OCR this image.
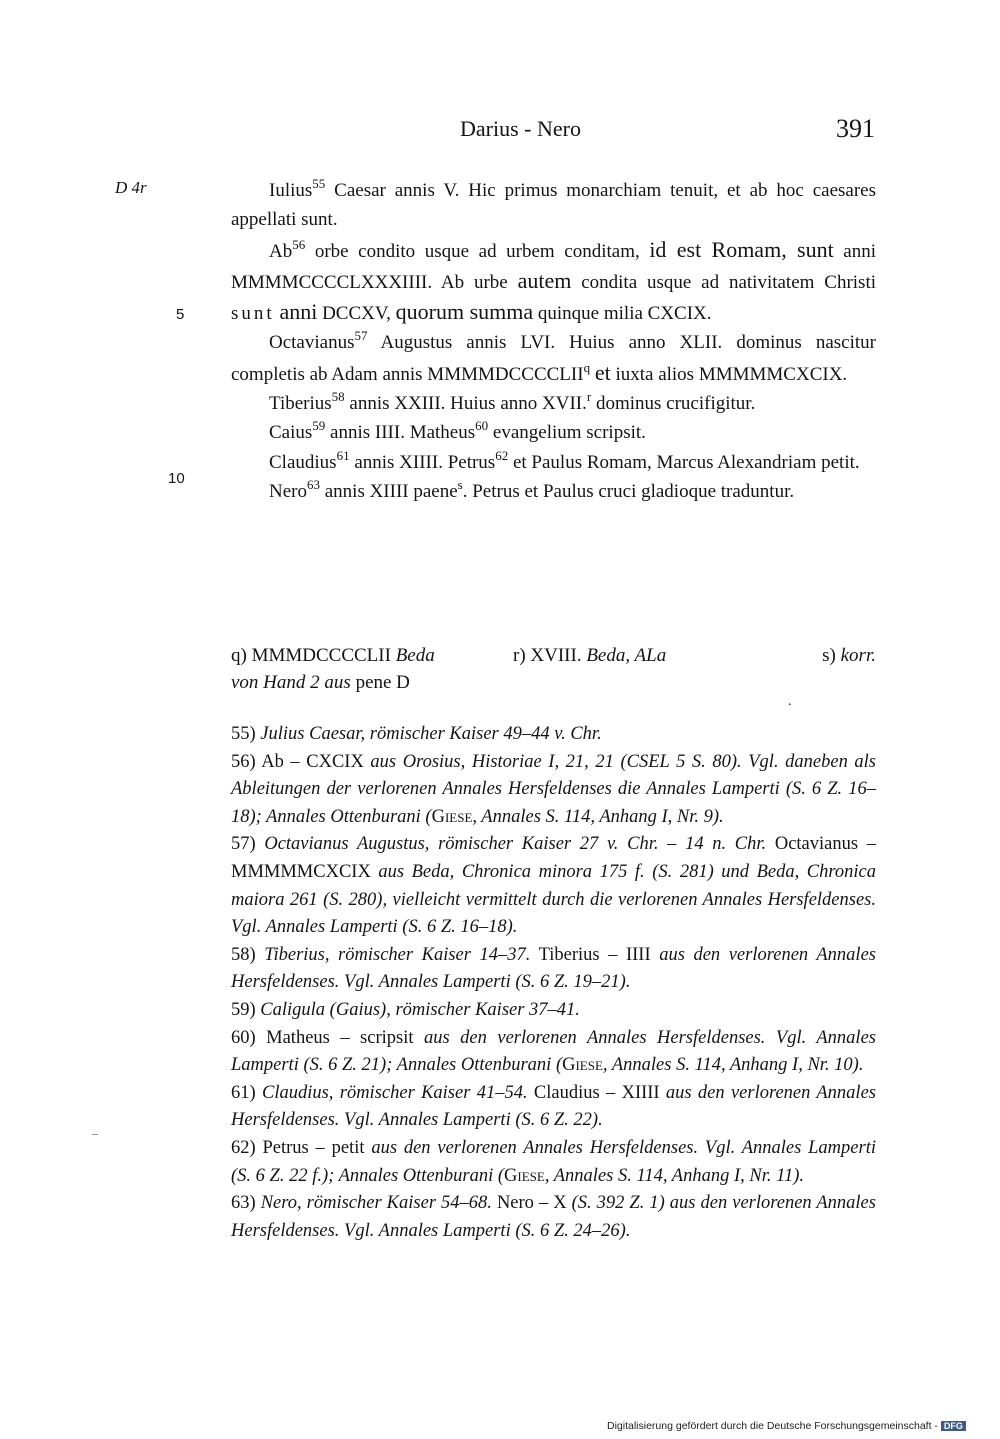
Darius - Nero	391
D 4r
5
10

Iulius$^{55}$ Caesar annis V. Hic primus monarchiam tenuit, et ab hoc caesares appellati sunt.

Ab$^{56}$ orbe condito usque ad urbem conditam, id est Romam, sunt anni MMMMCCCCLXXXIIII. Ab urbe autem condita usque ad nativitatem Christi sunt anni DCCXV, quorum summa quinque milia CXCIX.

Octavianus$^{57}$ Augustus annis LVI. Huius anno XLII. dominus nascitur completis ab Adam annis MMMMDCCCCLII$^q$ et iuxta alios MMMMMCXCIX.

Tiberius$^{58}$ annis XXIII. Huius anno XVII.$^r$ dominus crucifigitur.

Caius$^{59}$ annis IIII. Matheus$^{60}$ evangelium scripsit.

Claudius$^{61}$ annis XIIII. Petrus$^{62}$ et Paulus Romam, Marcus Alexandriam petit.

Nero$^{63}$ annis XIIII paene$^s$. Petrus et Paulus cruci gladioque traduntur.

q) MMMDCCCCLII Beda	r) XVIII. Beda, ALa	s) korr.
von Hand 2 aus pene D
.

55) Julius Caesar, römischer Kaiser 49–44 v. Chr.

56) Ab – CXCIX aus Orosius, Historiae I, 21, 21 (CSEL 5 S. 80). Vgl. daneben als Ableitungen der verlorenen Annales Hersfeldenses die Annales Lamperti (S. 6 Z. 16–18); Annales Ottenburani (Giese, Annales S. 114, Anhang I, Nr. 9).

57) Octavianus Augustus, römischer Kaiser 27 v. Chr. – 14 n. Chr. Octavianus – MMMMMCXCIX aus Beda, Chronica minora 175 f. (S. 281) und Beda, Chronica maiora 261 (S. 280), vielleicht vermittelt durch die verlorenen Annales Hersfeldenses. Vgl. Annales Lamperti (S. 6 Z. 16–18).

58) Tiberius, römischer Kaiser 14–37. Tiberius – IIII aus den verlorenen Annales Hersfeldenses. Vgl. Annales Lamperti (S. 6 Z. 19–21).

59) Caligula (Gaius), römischer Kaiser 37–41.

60) Matheus – scripsit aus den verlorenen Annales Hersfeldenses. Vgl. Annales Lamperti (S. 6 Z. 21); Annales Ottenburani (Giese, Annales S. 114, Anhang I, Nr. 10).

61) Claudius, römischer Kaiser 41–54. Claudius – XIIII aus den verlorenen Annales Hersfeldenses. Vgl. Annales Lamperti (S. 6 Z. 22).

62) Petrus – petit aus den verlorenen Annales Hersfeldenses. Vgl. Annales Lamperti (S. 6 Z. 22 f.); Annales Ottenburani (Giese, Annales S. 114, Anhang I, Nr. 11).

63) Nero, römischer Kaiser 54–68. Nero – X (S. 392 Z. 1) aus den verlorenen Annales Hersfeldenses. Vgl. Annales Lamperti (S. 6 Z. 24–26).

Digitalisierung gefördert durch die Deutsche Forschungsgemeinschaft - DFG
